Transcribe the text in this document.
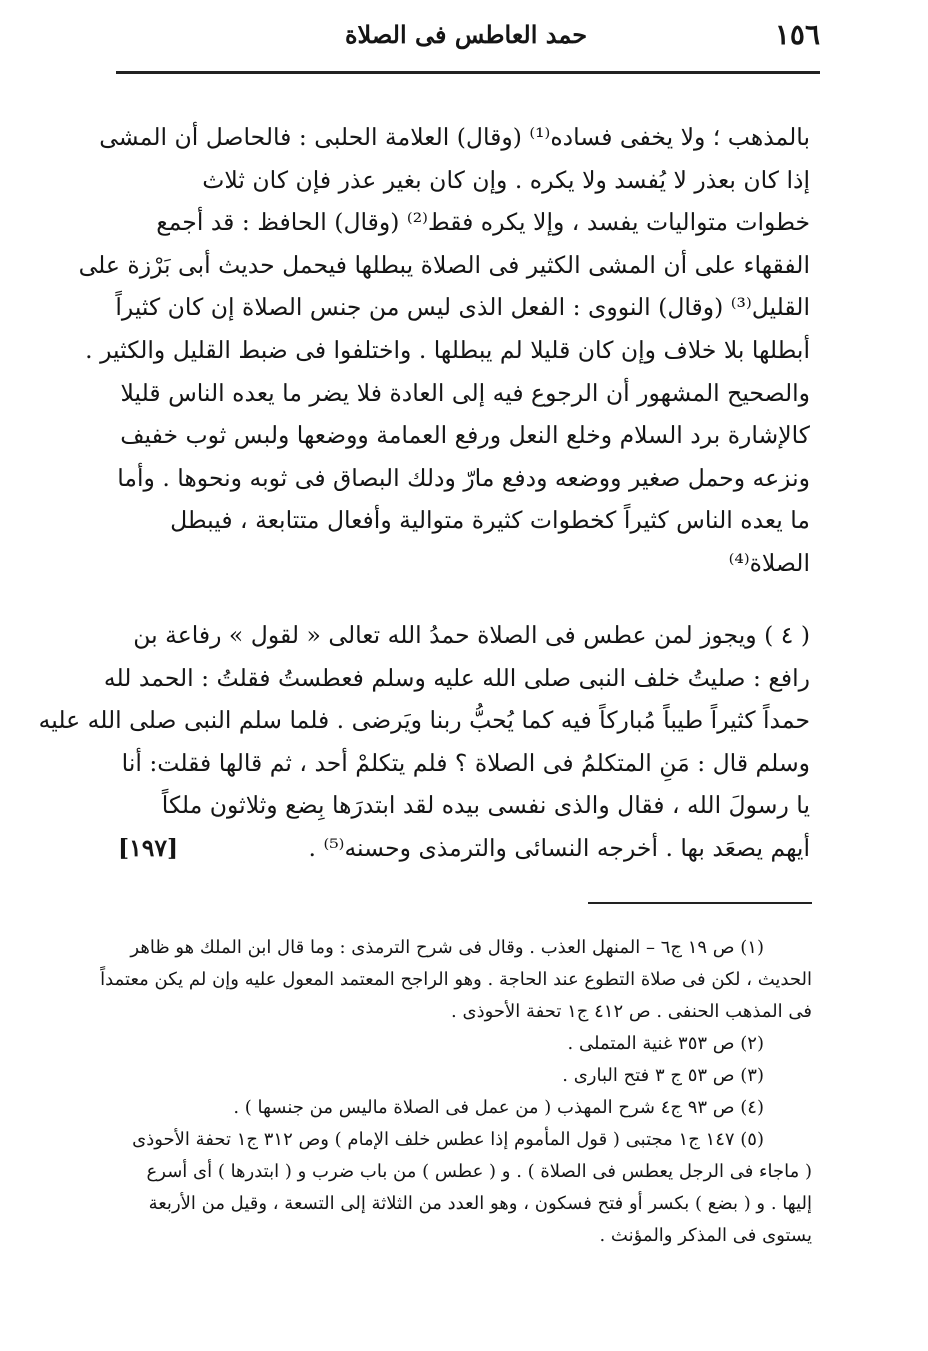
١٥٦
حمد العاطس فى الصلاة
بالمذهب ؛ ولا يخفى فساده⁽¹⁾ (وقال) العلامة الحلبى : فالحاصل أن المشى
إذا كان بعذر لا يُفسد ولا يكره . وإن كان بغير عذر فإن كان ثلاث
خطوات متواليات يفسد ، وإلا يكره فقط⁽²⁾ (وقال) الحافظ : قد أجمع
الفقهاء على أن المشى الكثير فى الصلاة يبطلها فيحمل حديث أبى بَرْزة على
القليل⁽³⁾ (وقال) النووى : الفعل الذى ليس من جنس الصلاة إن كان كثيراً
أبطلها بلا خلاف وإن كان قليلا لم يبطلها . واختلفوا فى ضبط القليل والكثير .
والصحيح المشهور أن الرجوع فيه إلى العادة فلا يضر ما يعده الناس قليلا
كالإشارة برد السلام وخلع النعل ورفع العمامة ووضعها ولبس ثوب خفيف
ونزعه وحمل صغير ووضعه ودفع مارّ ودلك البصاق فى ثوبه ونحوها . وأما
ما يعده الناس كثيراً كخطوات كثيرة متوالية وأفعال متتابعة ، فيبطل
الصلاة⁽⁴⁾
( ٤ ) ويجوز لمن عطس فى الصلاة حمدُ الله تعالى « لقول » رفاعة بن
رافع : صليتُ خلف النبى صلى الله عليه وسلم فعطستُ فقلتُ : الحمد لله
حمداً كثيراً طيباً مُباركاً فيه كما يُحبُّ ربنا ويَرضى . فلما سلم النبى صلى الله عليه
وسلم قال : مَنِ المتكلمُ فى الصلاة ؟ فلم يتكلمْ أحد ، ثم قالها فقلت: أنا
يا رسولَ الله ، فقال والذى نفسى بيده لقد ابتدرَها بِضع وثلاثون ملكاً
أيهم يصعَد بها . أخرجه النسائى والترمذى وحسنه⁽⁵⁾ .
[١٩٧]
(١) ص ١٩ ج٦ – المنهل العذب . وقال فى شرح الترمذى : وما قال ابن الملك هو ظاهر
الحديث ، لكن فى صلاة التطوع عند الحاجة . وهو الراجح المعتمد المعول عليه وإن لم يكن معتمداً
فى المذهب الحنفى . ص ٤١٢ ج١ تحفة الأحوذى .
(٢) ص ٣٥٣ غنية المتملى .
(٣) ص ٥٣ ج ٣ فتح البارى .
(٤) ص ٩٣ ج٤ شرح المهذب ( من عمل فى الصلاة ماليس من جنسها ) .
(٥) ١٤٧ ج١ مجتبى ( قول المأموم إذا عطس خلف الإمام ) وص ٣١٢ ج١ تحفة الأحوذى
( ماجاء فى الرجل يعطس فى الصلاة ) . و ( عطس ) من باب ضرب و ( ابتدرها ) أى أسرع
إليها . و ( بضع ) بكسر أو فتح فسكون ، وهو العدد من الثلاثة إلى التسعة ، وقيل من الأربعة
يستوى فى المذكر والمؤنث .
